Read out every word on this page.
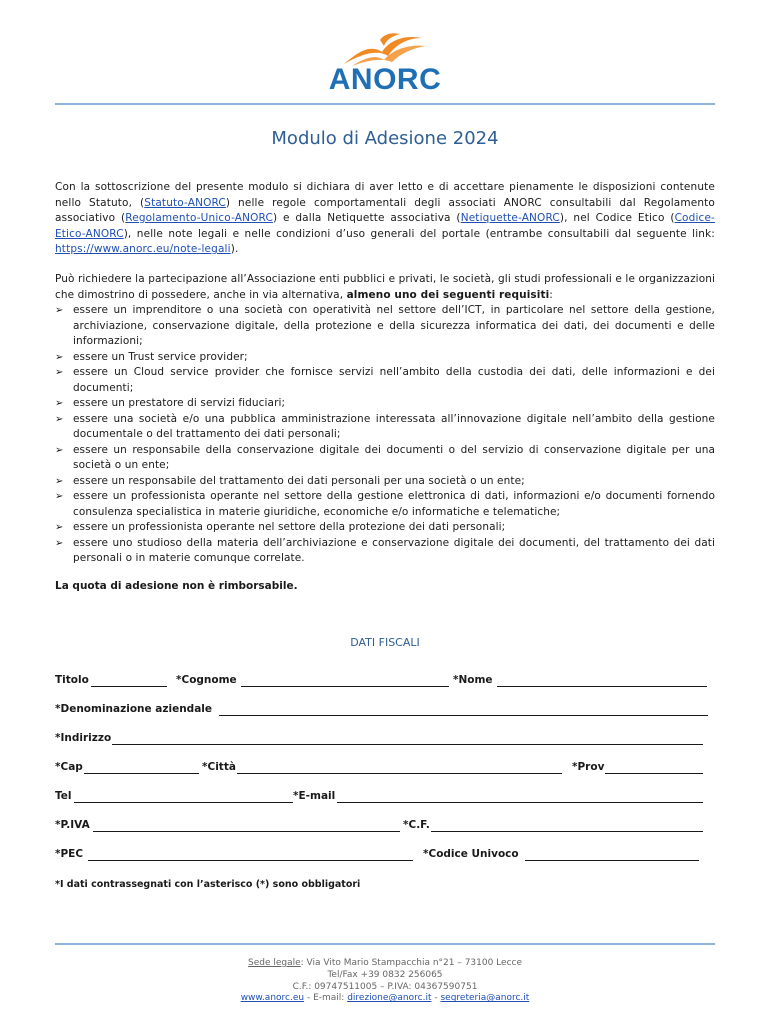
ANORC
Modulo di Adesione 2024

Con la sottoscrizione del presente modulo si dichiara di aver letto e di accettare pienamente le disposizioni contenute nello Statuto, (Statuto-ANORC) nelle regole comportamentali degli associati ANORC consultabili dal Regolamento associativo (Regolamento-Unico-ANORC) e dalla Netiquette associativa (Netiquette-ANORC), nel Codice Etico (Codice-Etico-ANORC), nelle note legali e nelle condizioni d’uso generali del portale (entrambe consultabili dal seguente link: https://www.anorc.eu/note-legali).

Può richiedere la partecipazione all’Associazione enti pubblici e privati, le società, gli studi professionali e le organizzazioni che dimostrino di possedere, anche in via alternativa, almeno uno dei seguenti requisiti:

➢ essere un imprenditore o una società con operatività nel settore dell’ICT, in particolare nel settore della gestione, archiviazione, conservazione digitale, della protezione e della sicurezza informatica dei dati, dei documenti e delle informazioni;
➢ essere un Trust service provider;
➢ essere un Cloud service provider che fornisce servizi nell’ambito della custodia dei dati, delle informazioni e dei documenti;
➢ essere un prestatore di servizi fiduciari;
➢ essere una società e/o una pubblica amministrazione interessata all’innovazione digitale nell’ambito della gestione documentale o del trattamento dei dati personali;
➢ essere un responsabile della conservazione digitale dei documenti o del servizio di conservazione digitale per una società o un ente;
➢ essere un responsabile del trattamento dei dati personali per una società o un ente;
➢ essere un professionista operante nel settore della gestione elettronica di dati, informazioni e/o documenti fornendo consulenza specialistica in materie giuridiche, economiche e/o informatiche e telematiche;
➢ essere un professionista operante nel settore della protezione dei dati personali;
➢ essere uno studioso della materia dell’archiviazione e conservazione digitale dei documenti, del trattamento dei dati personali o in materie comunque correlate.
La quota di adesione non è rimborsabile.
DATI FISCALI
Titolo	*Cognome	*Nome
*Denominazione aziendale
*Indirizzo
*Cap	*Città	*Prov
Tel	*E-mail
*P.IVA	*C.F.
*PEC	*Codice Univoco
*I dati contrassegnati con l’asterisco (*) sono obbligatori
Sede legale: Via Vito Mario Stampacchia n°21 – 73100 Lecce
Tel/Fax +39 0832 256065
C.F.: 09747511005 – P.IVA: 04367590751
www.anorc.eu - E-mail: direzione@anorc.it - segreteria@anorc.it
